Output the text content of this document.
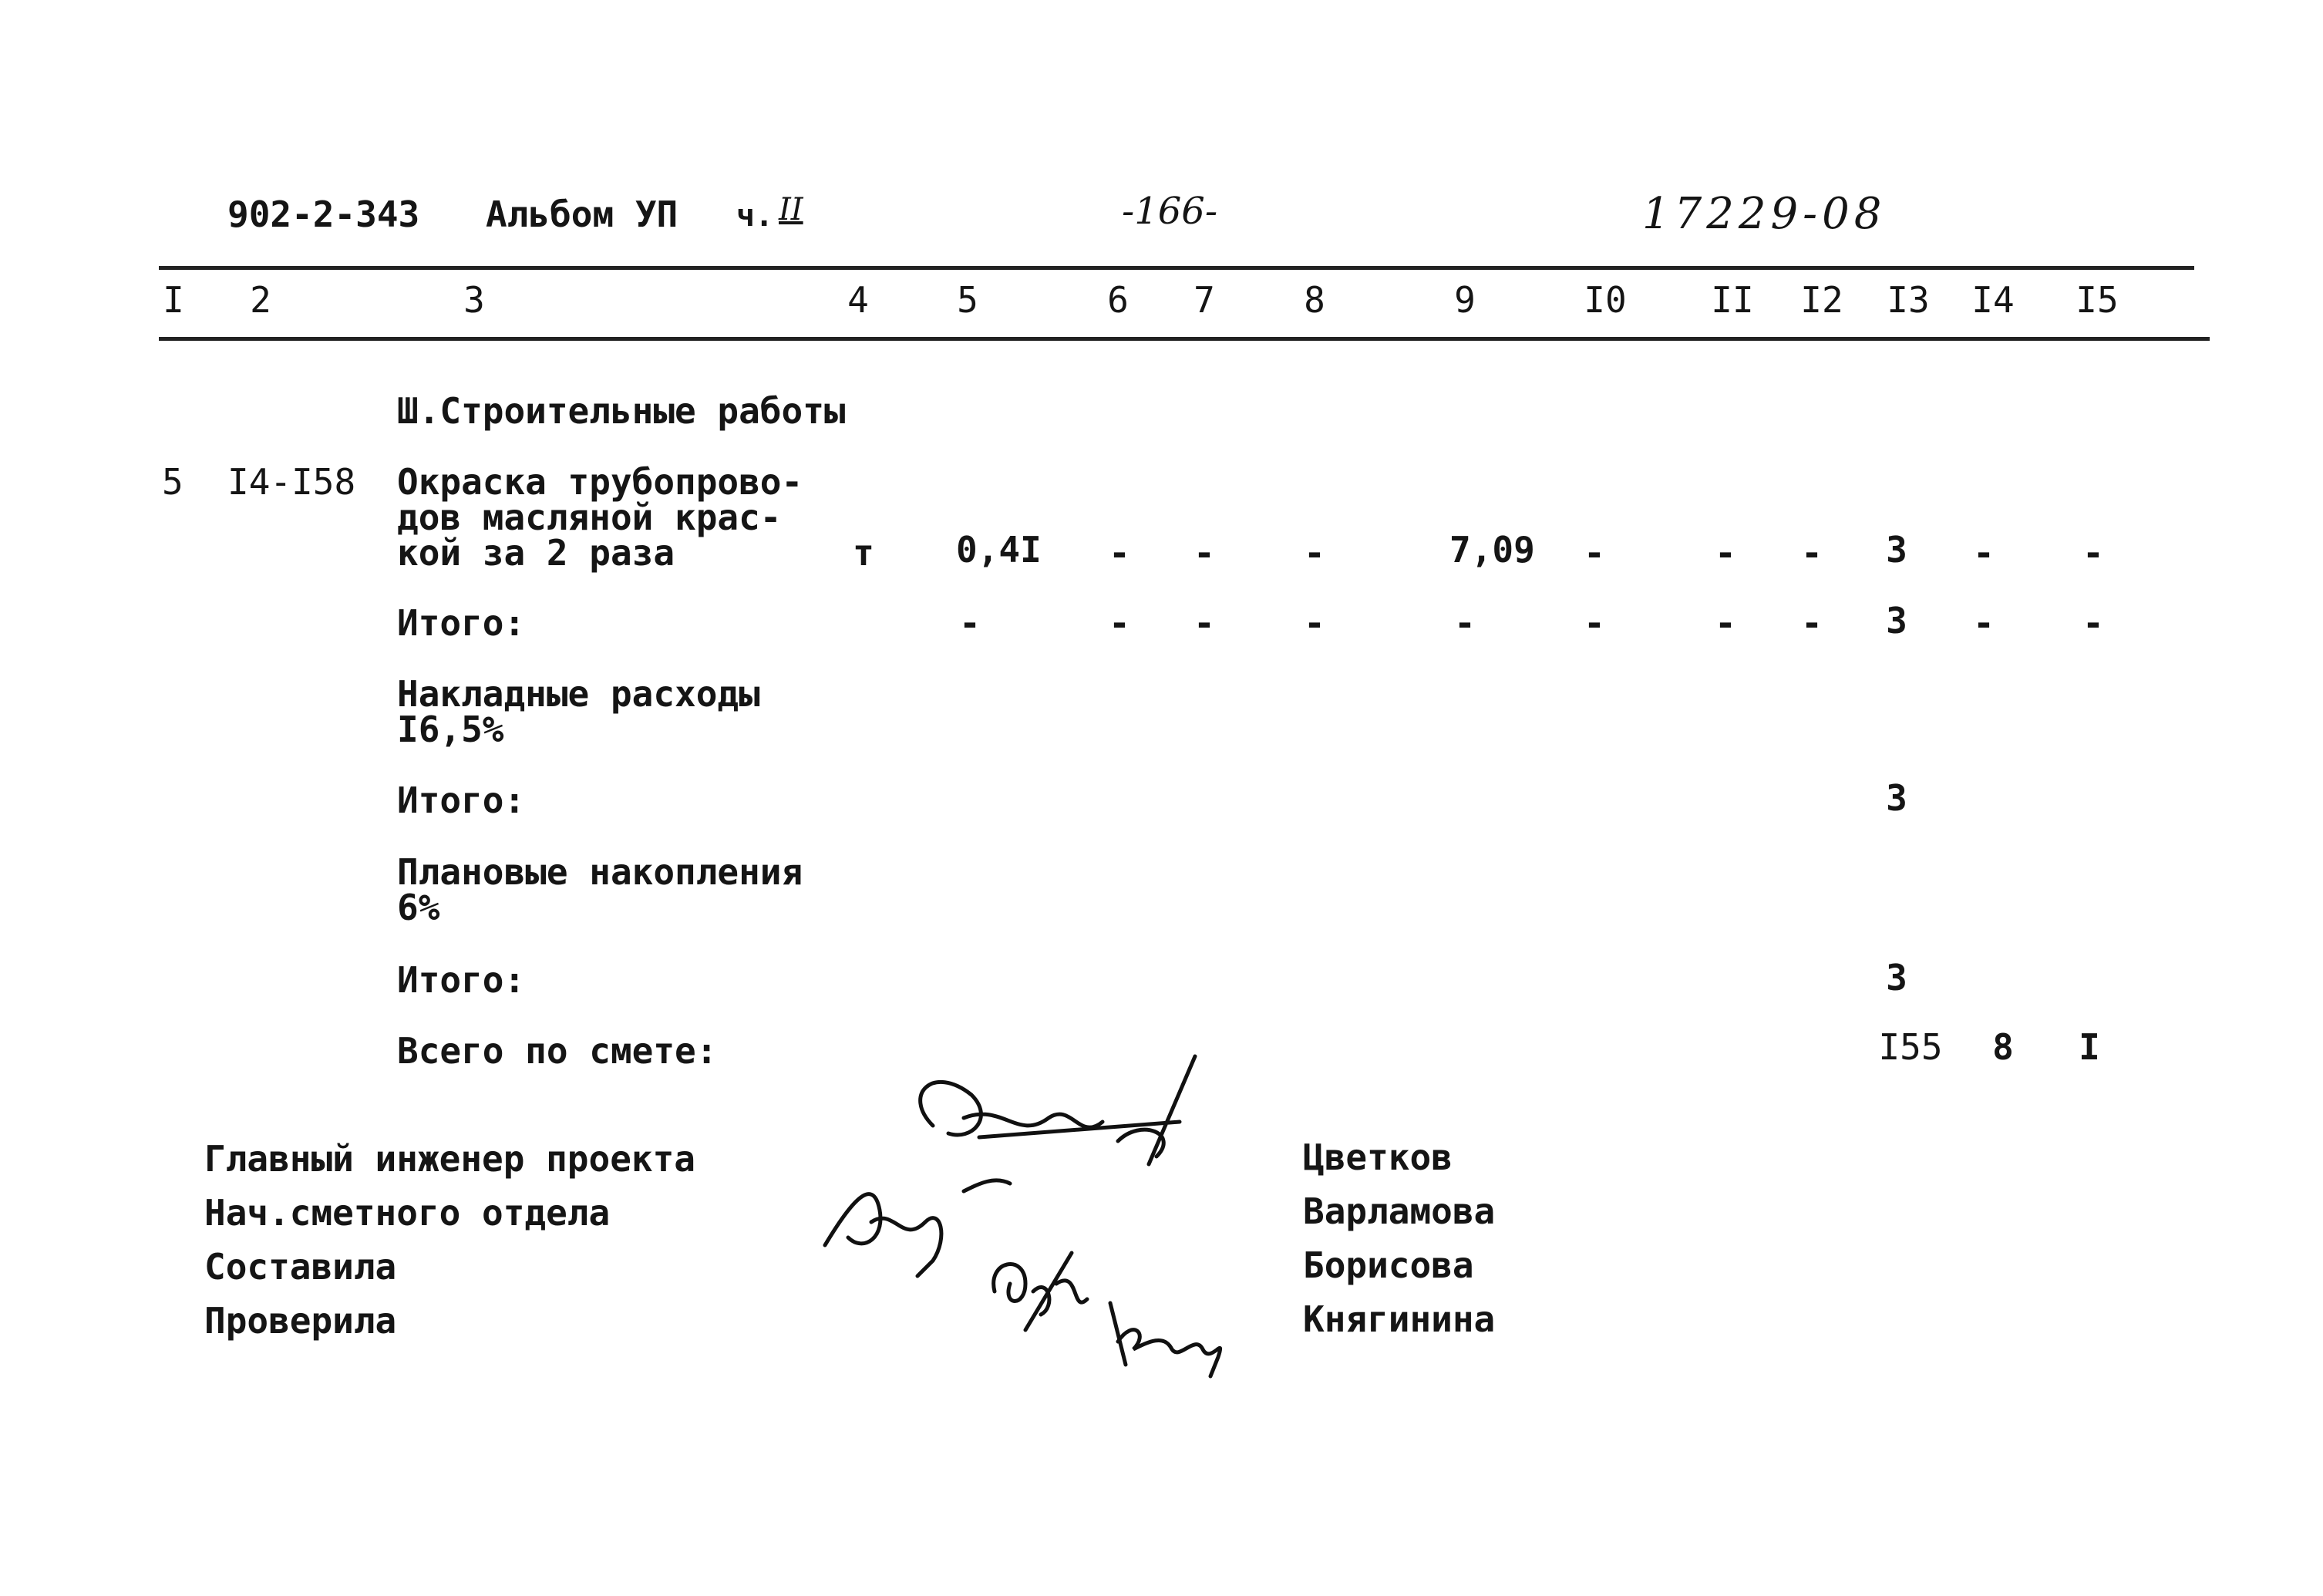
902-2-343 Альбом УП ч. II	-166-	17229-08
I 2	3	4 5	6 7	8	9	I0 II I2 I3 I4 I5
Ш.Строительные работы
5 I4-I58 Окраска трубопрово-
дов масляной крас-
кой за 2 раза	т 0,4I - -	-	7,09 -	- - 3 - -
Итого:	-	- -	-	-	-	- - 3 - -
Накладные расходы
I6,5%
Итого:	3
Плановые накопления
6%
Итого:	3
Всего по смете:	I55 8 I
Главный инженер проекта
Нач.сметного отдела
Составила
Проверила
Цветков
Варламова
Борисова
Княгинина
